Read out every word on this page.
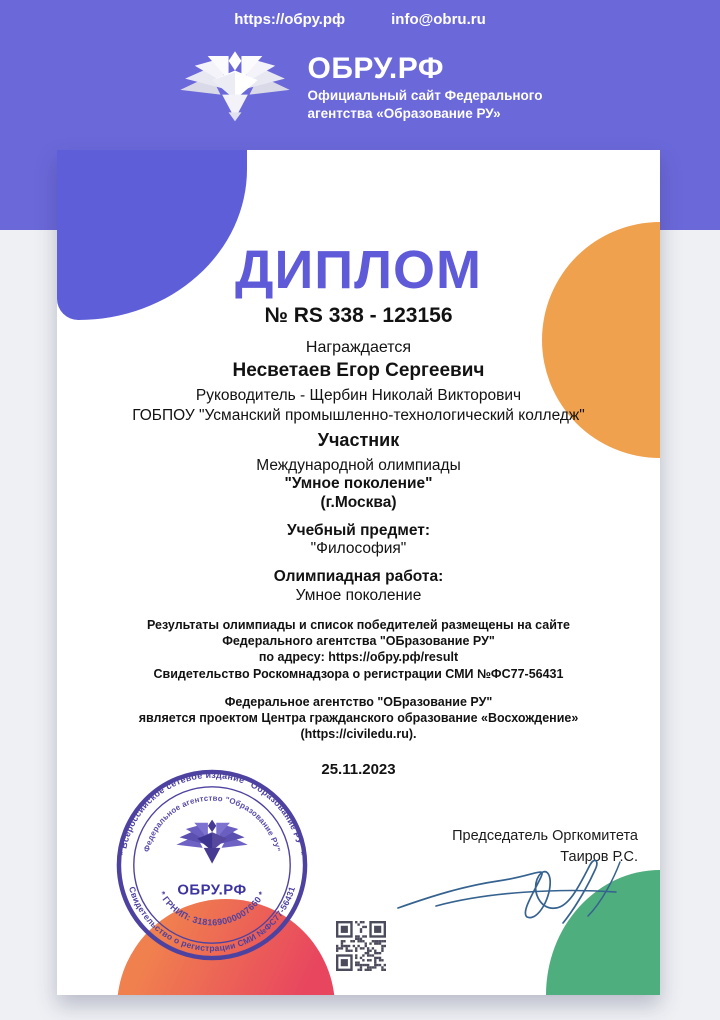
https://обру.рф	info@obru.ru
ОБРУ.РФ
Официальный сайт Федерального
агентства «Образование РУ»
ДИПЛОМ
№ RS 338 - 123156
Награждается
Несветаев Егор Сергеевич
Руководитель - Щербин Николай Викторович
ГОБПОУ "Усманский промышленно-технологический колледж"
Участник
Международной олимпиады
"Умное поколение"
(г.Москва)
Учебный предмет:
"Философия"
Олимпиадная работа:
Умное поколение
Результаты олимпиады и список победителей размещены на сайте
Федерального агентства "ОБразование РУ"
по адресу: https://обру.рф/result
Свидетельство Роскомнадзора о регистрации СМИ №ФС77-56431
Федеральное агентство "ОБразование РУ"
является проектом Центра гражданского образование «Восхождение»
(https://civiledu.ru).
25.11.2023
* Всероссийское сетевое издание "Образование РУ" *
Свидетельство о регистрации СМИ №ФС77-56431
Федеральное агентство "Образование РУ"
* ГРНИП: 318169000007660 *
ОБРУ.РФ
Председатель Оргкомитета
Таиров Р.С.
